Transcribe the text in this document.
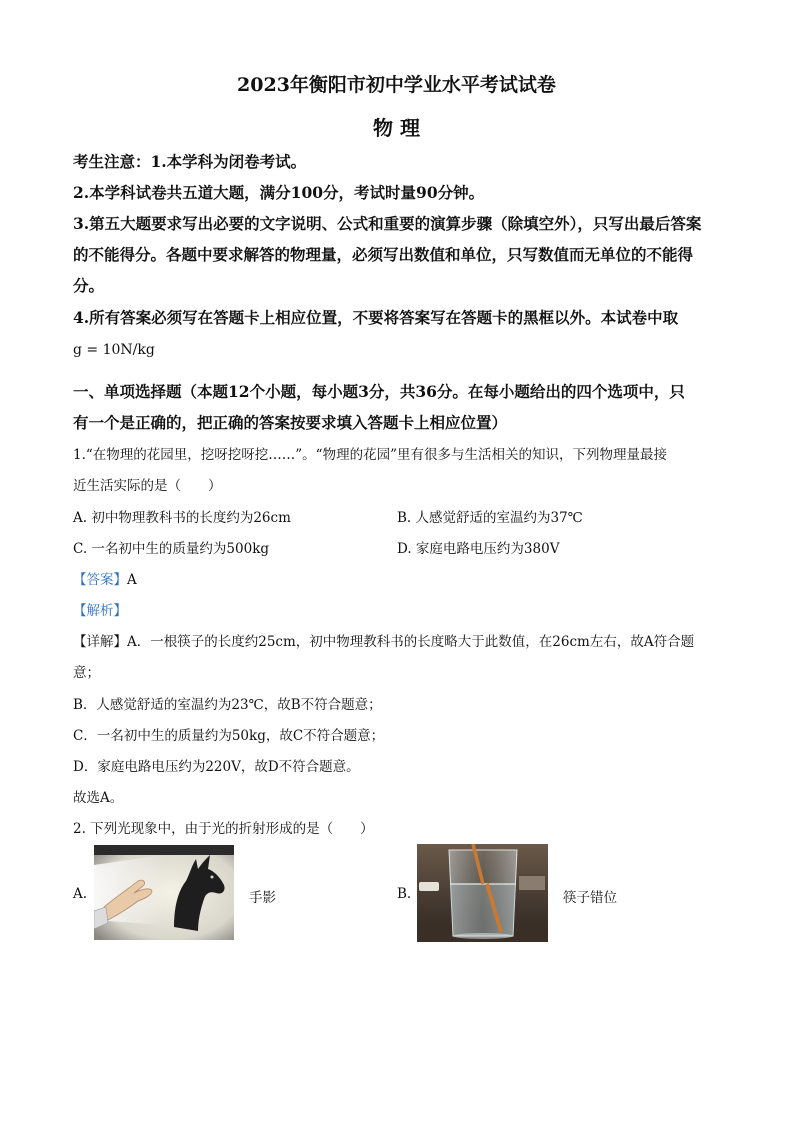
2023年衡阳市初中学业水平考试试卷
物 理
考生注意：1.本学科为闭卷考试。
2.本学科试卷共五道大题，满分100分，考试时量90分钟。
3.第五大题要求写出必要的文字说明、公式和重要的演算步骤（除填空外），只写出最后答案
的不能得分。各题中要求解答的物理量，必须写出数值和单位，只写数值而无单位的不能得
分。
4.所有答案必须写在答题卡上相应位置，不要将答案写在答题卡的黑框以外。本试卷中取
g = 10N/kg
一、单项选择题（本题12个小题，每小题3分，共36分。在每小题给出的四个选项中，只
有一个是正确的，把正确的答案按要求填入答题卡上相应位置）
1.“在物理的花园里，挖呀挖呀挖……”。“物理的花园”里有很多与生活相关的知识，下列物理量最接
近生活实际的是（　　）
A. 初中物理教科书的长度约为26cm	B. 人感觉舒适的室温约为37℃
C. 一名初中生的质量约为500kg	D. 家庭电路电压约为380V
【答案】A
【解析】
【详解】A．一根筷子的长度约25cm，初中物理教科书的长度略大于此数值，在26cm左右，故A符合题
意；
B．人感觉舒适的室温约为23℃，故B不符合题意；
C．一名初中生的质量约为50kg，故C不符合题意；
D．家庭电路电压约为220V，故D不符合题意。
故选A。
2. 下列光现象中，由于光的折射形成的是（　　）
A.	手影	B.	筷子错位
